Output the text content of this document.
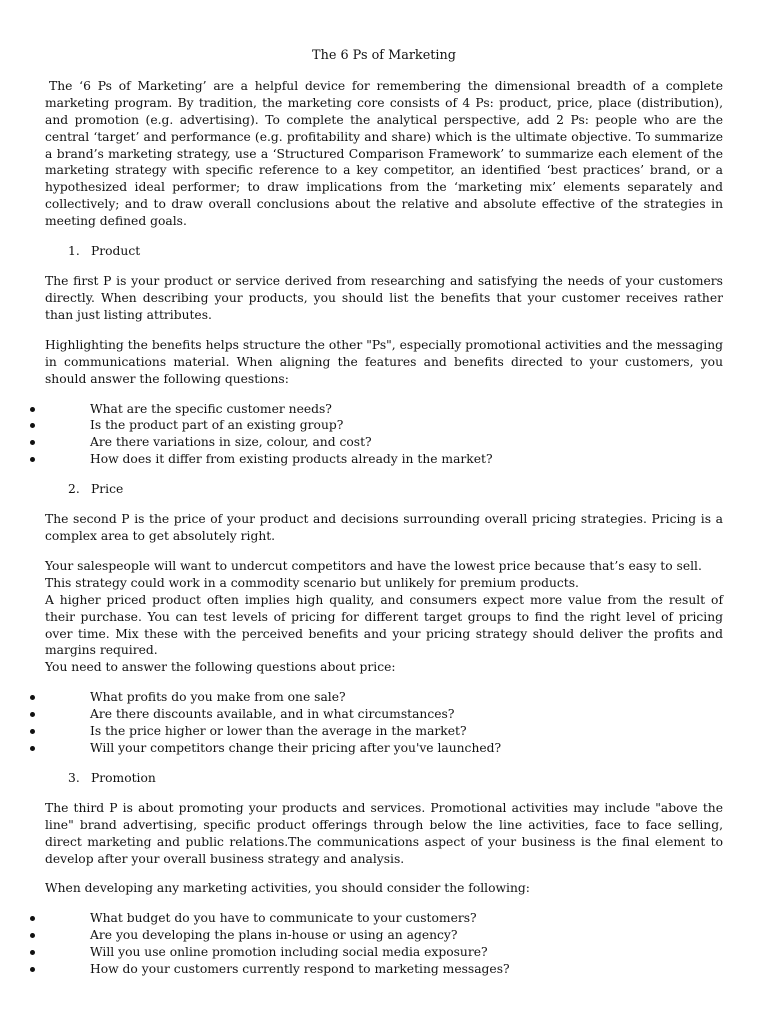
The 6 Ps of Marketing

The ‘6 Ps of Marketing’ are a helpful device for remembering the dimensional breadth of a complete marketing program. By tradition, the marketing core consists of 4 Ps: product, price, place (distribution), and promotion (e.g. advertising). To complete the analytical perspective, add 2 Ps: people who are the central ‘target’ and performance (e.g. profitability and share) which is the ultimate objective. To summarize a brand’s marketing strategy, use a ‘Structured Comparison Framework’ to summarize each element of the marketing strategy with specific reference to a key competitor, an identified ‘best practices’ brand, or a hypothesized ideal performer; to draw implications from the ‘marketing mix’ elements separately and collectively; and to draw overall conclusions about the relative and absolute effective of the strategies in meeting defined goals.

1. Product

The first P is your product or service derived from researching and satisfying the needs of your customers directly. When describing your products, you should list the benefits that your customer receives rather than just listing attributes.

Highlighting the benefits helps structure the other "Ps", especially promotional activities and the messaging in communications material. When aligning the features and benefits directed to your customers, you should answer the following questions:

What are the specific customer needs?
Is the product part of an existing group?
Are there variations in size, colour, and cost?
How does it differ from existing products already in the market?
2. Price

The second P is the price of your product and decisions surrounding overall pricing strategies. Pricing is a complex area to get absolutely right.

Your salespeople will want to undercut competitors and have the lowest price because that’s easy to sell.
This strategy could work in a commodity scenario but unlikely for premium products.
A higher priced product often implies high quality, and consumers expect more value from the result of their purchase. You can test levels of pricing for different target groups to find the right level of pricing over time. Mix these with the perceived benefits and your pricing strategy should deliver the profits and margins required.
You need to answer the following questions about price:
What profits do you make from one sale?
Are there discounts available, and in what circumstances?
Is the price higher or lower than the average in the market?
Will your competitors change their pricing after you've launched?
3. Promotion

The third P is about promoting your products and services. Promotional activities may include "above the line" brand advertising, specific product offerings through below the line activities, face to face selling, direct marketing and public relations.The communications aspect of your business is the final element to develop after your overall business strategy and analysis.

When developing any marketing activities, you should consider the following:

What budget do you have to communicate to your customers?
Are you developing the plans in-house or using an agency?
Will you use online promotion including social media exposure?
How do your customers currently respond to marketing messages?
